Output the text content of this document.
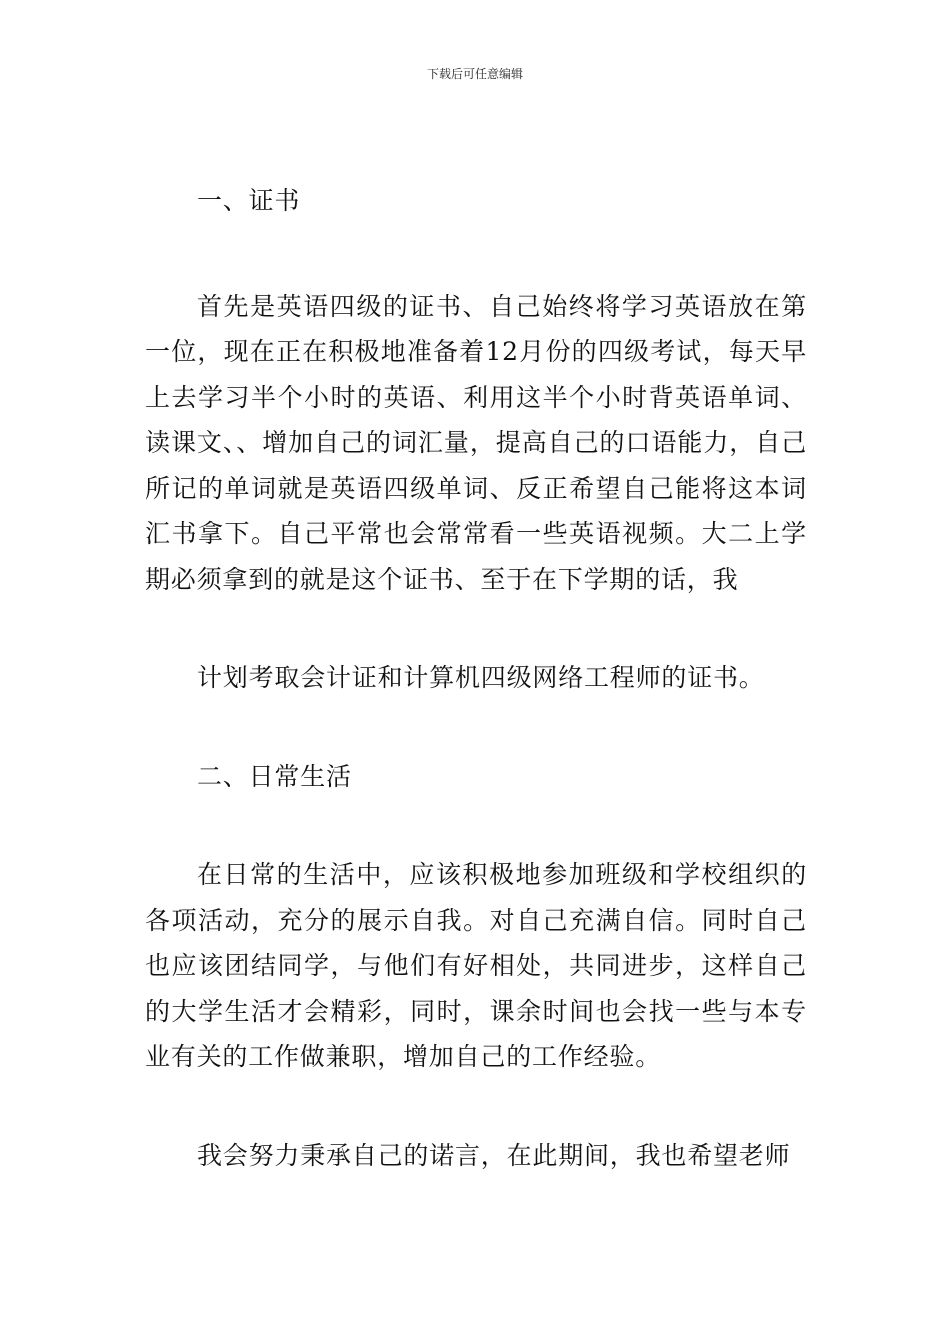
下载后可任意编辑

一、证书

首先是英语四级的证书、自己始终将学习英语放在第一位，现在正在积极地准备着12月份的四级考试，每天早上去学习半个小时的英语、利用这半个小时背英语单词、读课文、、增加自己的词汇量，提高自己的口语能力，自己所记的单词就是英语四级单词、反正希望自己能将这本词汇书拿下。自己平常也会常常看一些英语视频。大二上学期必须拿到的就是这个证书、至于在下学期的话，我

计划考取会计证和计算机四级网络工程师的证书。

二、日常生活

在日常的生活中，应该积极地参加班级和学校组织的各项活动，充分的展示自我。对自己充满自信。同时自己也应该团结同学，与他们有好相处，共同进步，这样自己的大学生活才会精彩，同时，课余时间也会找一些与本专业有关的工作做兼职，增加自己的工作经验。

我会努力秉承自己的诺言，在此期间，我也希望老师
